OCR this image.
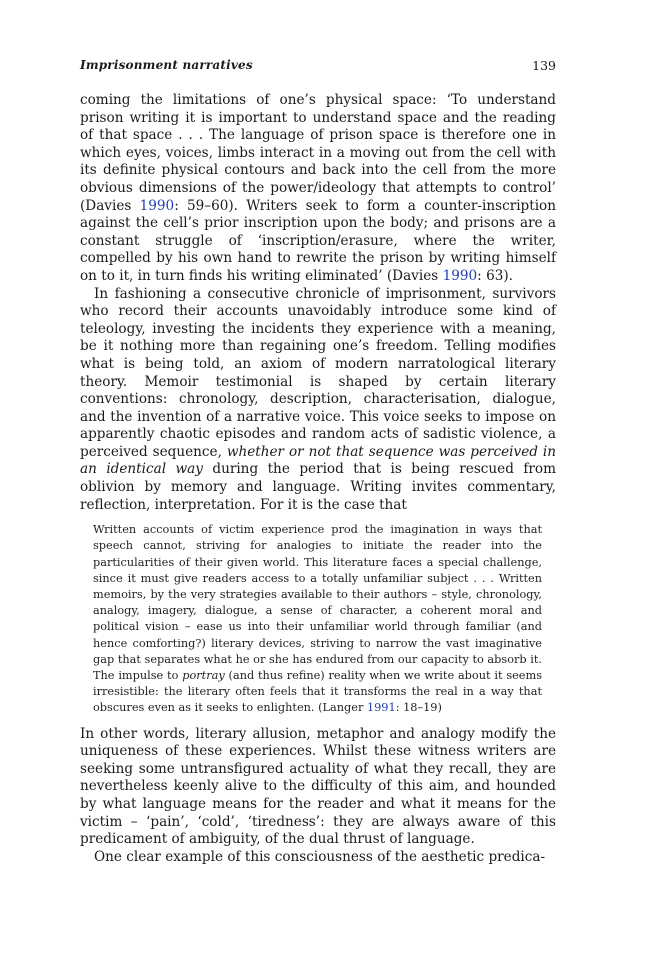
Imprisonment narratives	139

coming the limitations of one’s physical space: ‘To understand prison writing it is important to understand space and the reading of that space . . . The language of prison space is therefore one in which eyes, voices, limbs interact in a moving out from the cell with its definite physical contours and back into the cell from the more obvious dimensions of the power/ideology that attempts to control’ (Davies 1990: 59–60). Writers seek to form a counter-inscription against the cell’s prior inscription upon the body; and prisons are a constant struggle of ‘inscription/erasure, where the writer, compelled by his own hand to rewrite the prison by writing himself on to it, in turn finds his writing eliminated’ (Davies 1990: 63).

In fashioning a consecutive chronicle of imprisonment, survivors who record their accounts unavoidably introduce some kind of teleology, investing the incidents they experience with a meaning, be it nothing more than regaining one’s freedom. Telling modifies what is being told, an axiom of modern narratological literary theory. Memoir testimonial is shaped by certain literary conventions: chronology, description, characterisation, dialogue, and the invention of a narrative voice. This voice seeks to impose on apparently chaotic episodes and random acts of sadistic violence, a perceived sequence, whether or not that sequence was perceived in an identical way during the period that is being rescued from oblivion by memory and language. Writing invites commentary, reflection, interpretation. For it is the case that

Written accounts of victim experience prod the imagination in ways that speech cannot, striving for analogies to initiate the reader into the particularities of their given world. This literature faces a special challenge, since it must give readers access to a totally unfamiliar subject . . . Written memoirs, by the very strategies available to their authors – style, chronology, analogy, imagery, dialogue, a sense of character, a coherent moral and political vision – ease us into their unfamiliar world through familiar (and hence comforting?) literary devices, striving to narrow the vast imaginative gap that separates what he or she has endured from our capacity to absorb it. The impulse to portray (and thus refine) reality when we write about it seems irresistible: the literary often feels that it transforms the real in a way that obscures even as it seeks to enlighten. (Langer 1991: 18–19)

In other words, literary allusion, metaphor and analogy modify the uniqueness of these experiences. Whilst these witness writers are seeking some untransfigured actuality of what they recall, they are nevertheless keenly alive to the difficulty of this aim, and hounded by what language means for the reader and what it means for the victim – ‘pain’, ‘cold’, ‘tiredness’: they are always aware of this predicament of ambiguity, of the dual thrust of language.

One clear example of this consciousness of the aesthetic predica-
